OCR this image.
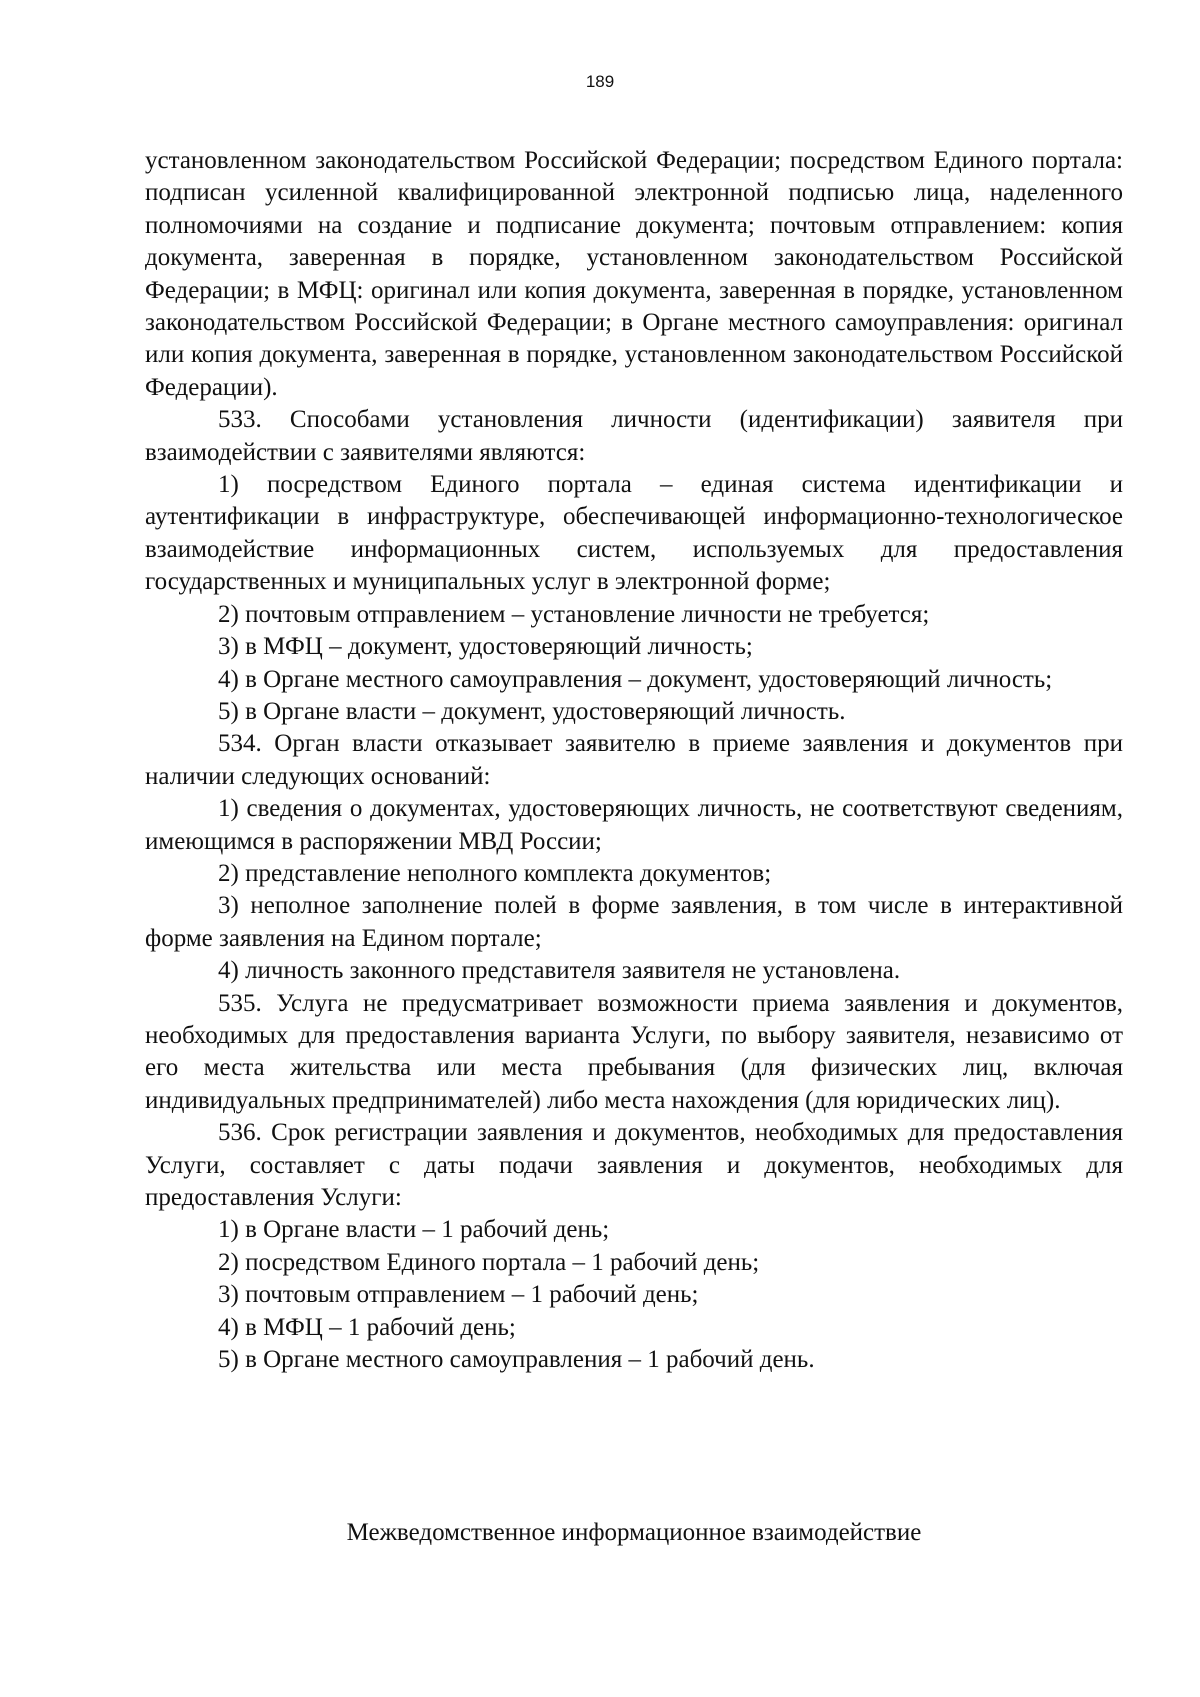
189

установленном законодательством Российской Федерации; посредством Единого портала: подписан усиленной квалифицированной электронной подписью лица, наделенного полномочиями на создание и подписание документа; почтовым отправлением: копия документа, заверенная в порядке, установленном законодательством Российской Федерации; в МФЦ: оригинал или копия документа, заверенная в порядке, установленном законодательством Российской Федерации; в Органе местного самоуправления: оригинал или копия документа, заверенная в порядке, установленном законодательством Российской Федерации).

533. Способами установления личности (идентификации) заявителя при взаимодействии с заявителями являются:

1) посредством Единого портала – единая система идентификации и аутентификации в инфраструктуре, обеспечивающей информационно-технологическое взаимодействие информационных систем, используемых для предоставления государственных и муниципальных услуг в электронной форме;

2) почтовым отправлением – установление личности не требуется;

3) в МФЦ – документ, удостоверяющий личность;

4) в Органе местного самоуправления – документ, удостоверяющий личность;

5) в Органе власти – документ, удостоверяющий личность.

534. Орган власти отказывает заявителю в приеме заявления и документов при наличии следующих оснований:

1) сведения о документах, удостоверяющих личность, не соответствуют сведениям, имеющимся в распоряжении МВД России;

2) представление неполного комплекта документов;

3) неполное заполнение полей в форме заявления, в том числе в интерактивной форме заявления на Едином портале;

4) личность законного представителя заявителя не установлена.

535. Услуга не предусматривает возможности приема заявления и документов, необходимых для предоставления варианта Услуги, по выбору заявителя, независимо от его места жительства или места пребывания (для физических лиц, включая индивидуальных предпринимателей) либо места нахождения (для юридических лиц).

536. Срок регистрации заявления и документов, необходимых для предоставления Услуги, составляет с даты подачи заявления и документов, необходимых для предоставления Услуги:

1) в Органе власти – 1 рабочий день;

2) посредством Единого портала – 1 рабочий день;

3) почтовым отправлением – 1 рабочий день;

4) в МФЦ – 1 рабочий день;

5) в Органе местного самоуправления – 1 рабочий день.

Межведомственное информационное взаимодействие
